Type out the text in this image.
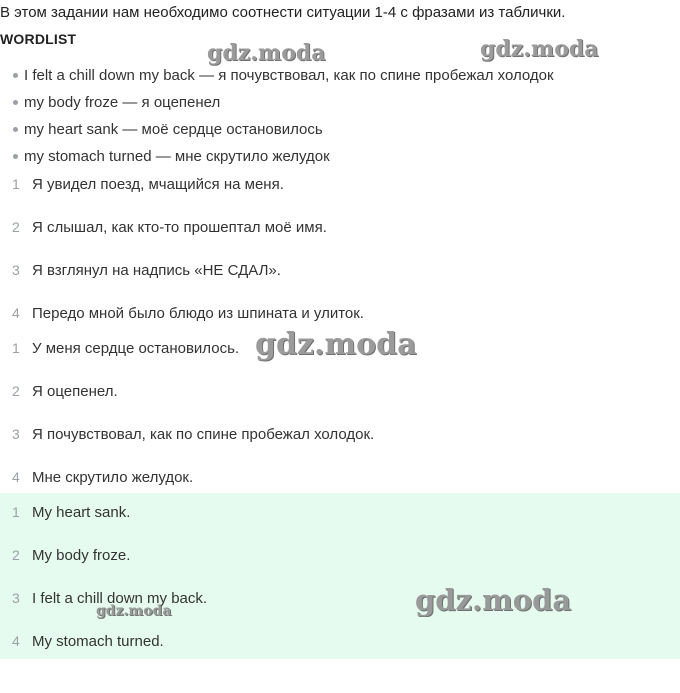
В этом задании нам необходимо соотнести ситуации 1-4 с фразами из таблички.
WORDLIST
I felt a chill down my back — я почувствовал, как по спине пробежал холодок
my body froze — я оцепенел
my heart sank — моё сердце остановилось
my stomach turned — мне скрутило желудок
1 Я увидел поезд, мчащийся на меня.
2 Я слышал, как кто-то прошептал моё имя.
3 Я взглянул на надпись «НЕ СДАЛ».
4 Передо мной было блюдо из шпината и улиток.
1 У меня сердце остановилось.
2 Я оцепенел.
3 Я почувствовал, как по спине пробежал холодок.
4 Мне скрутило желудок.
1 My heart sank.
2 My body froze.
3 I felt a chill down my back.
4 My stomach turned.
gdz.moda	gdz.moda
gdz.moda
gdz.moda
gdz.moda
